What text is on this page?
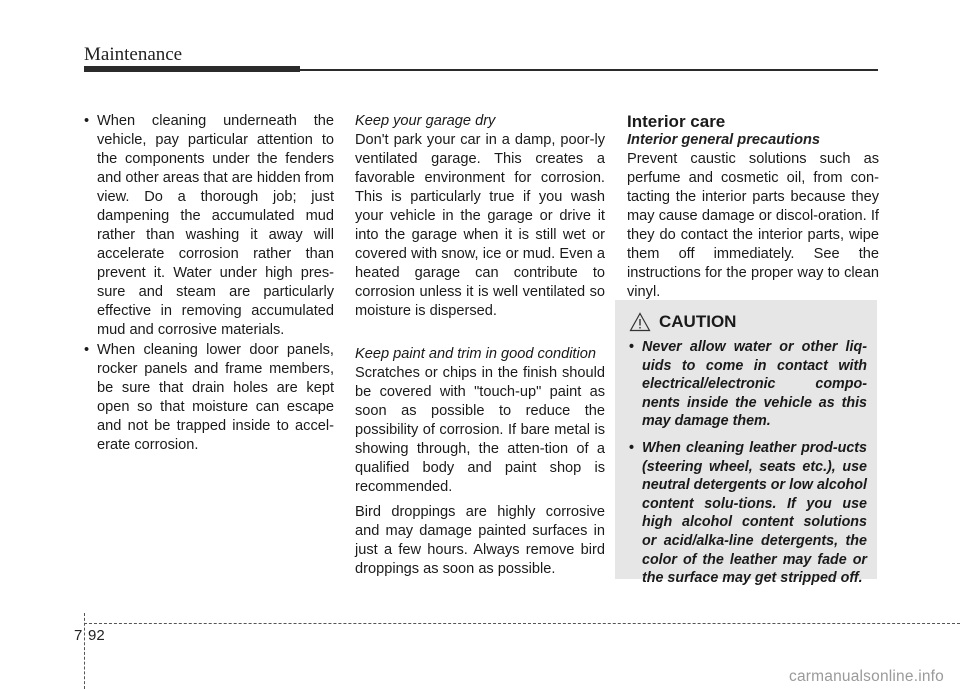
Maintenance
• When cleaning underneath the vehicle, pay particular attention to the components under the fenders and other areas that are hidden from view. Do a thorough job; just dampening the accumulated mud rather than washing it away will accelerate corrosion rather than prevent it. Water under high pres-sure and steam are particularly effective in removing accumulated mud and corrosive materials.
• When cleaning lower door panels, rocker panels and frame members, be sure that drain holes are kept open so that moisture can escape and not be trapped inside to accel-erate corrosion.

Keep your garage dry

Don't park your car in a damp, poor-ly ventilated garage. This creates a favorable environment for corrosion. This is particularly true if you wash your vehicle in the garage or drive it into the garage when it is still wet or covered with snow, ice or mud. Even a heated garage can contribute to corrosion unless it is well ventilated so moisture is dispersed.

Keep paint and trim in good condition

Scratches or chips in the finish should be covered with "touch-up" paint as soon as possible to reduce the possibility of corrosion. If bare metal is showing through, the atten-tion of a qualified body and paint shop is recommended.

Bird droppings are highly corrosive and may damage painted surfaces in just a few hours. Always remove bird droppings as soon as possible.

Interior care

Interior general precautions

Prevent caustic solutions such as perfume and cosmetic oil, from con-tacting the interior parts because they may cause damage or discol-oration. If they do contact the interior parts, wipe them off immediately. See the instructions for the proper way to clean vinyl.

CAUTION
• Never allow water or other liq-uids to come in contact with electrical/electronic compo-nents inside the vehicle as this may damage them.
• When cleaning leather prod-ucts (steering wheel, seats etc.), use neutral detergents or low alcohol content solu-tions. If you use high alcohol content solutions or acid/alka-line detergents, the color of the leather may fade or the surface may get stripped off.
7 92
carmanualsonline.info
